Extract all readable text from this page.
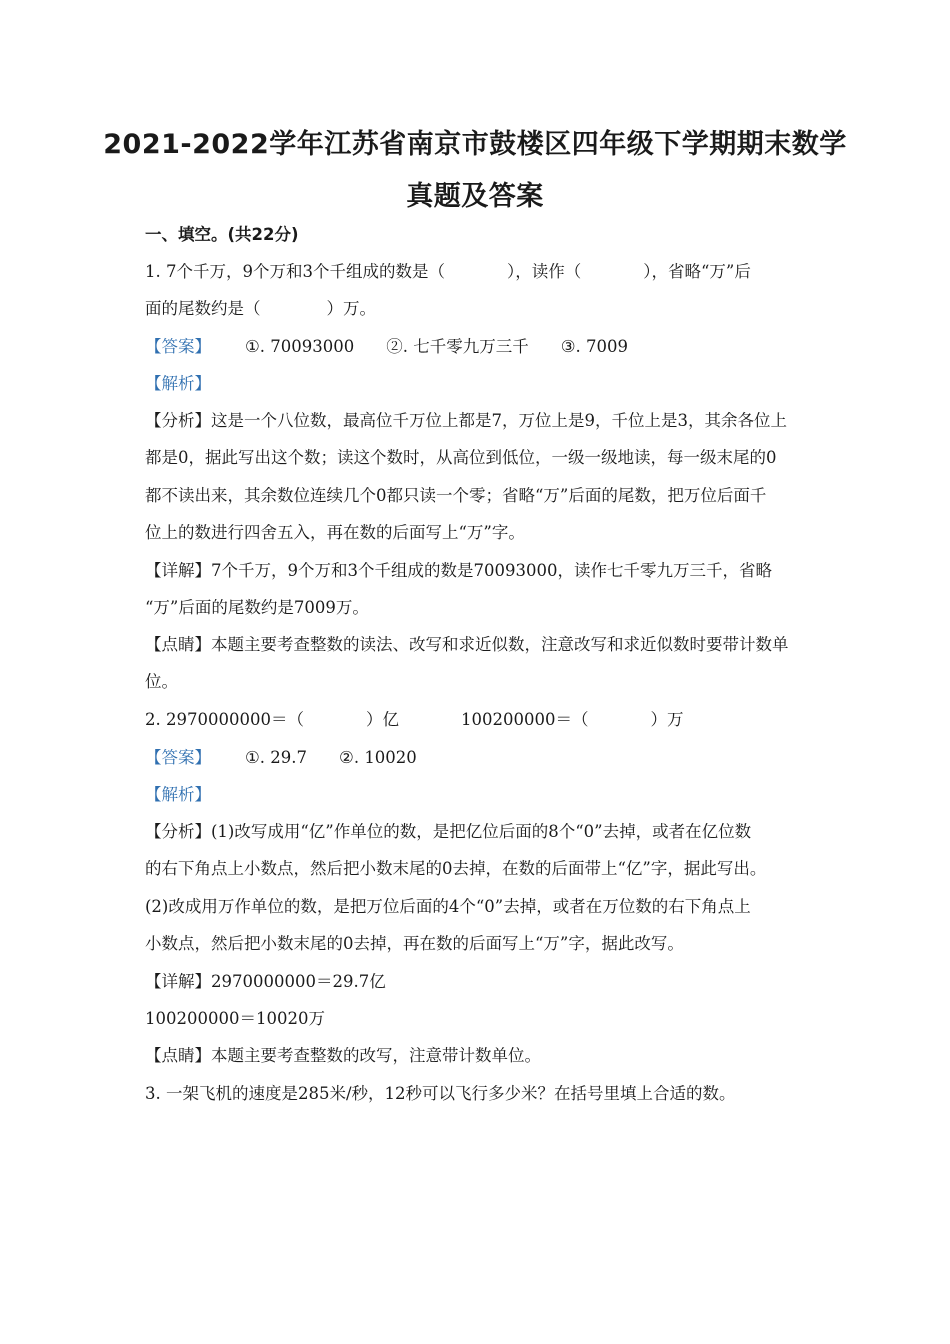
2021-2022学年江苏省南京市鼓楼区四年级下学期期末数学
真题及答案
一、填空。(共22分)
1. 7个千万，9个万和3个千组成的数是（	），读作（	），省略“万”后
面的尾数约是（　　　　）万。
【答案】 ①. 70093000 ②. 七千零九万三千 ③. 7009
【解析】
【分析】这是一个八位数，最高位千万位上都是7，万位上是9，千位上是3，其余各位上
都是0，据此写出这个数；读这个数时，从高位到低位，一级一级地读，每一级末尾的0
都不读出来，其余数位连续几个0都只读一个零；省略“万”后面的尾数，把万位后面千
位上的数进行四舍五入，再在数的后面写上“万”字。
【详解】7个千万，9个万和3个千组成的数是70093000，读作七千零九万三千，省略
“万”后面的尾数约是7009万。
【点睛】本题主要考查整数的读法、改写和求近似数，注意改写和求近似数时要带计数单
位。
2. 2970000000＝（	）亿	100200000＝（	）万
【答案】 ①. 29.7 ②. 10020
【解析】
【分析】(1)改写成用“亿”作单位的数，是把亿位后面的8个“0”去掉，或者在亿位数
的右下角点上小数点，然后把小数末尾的0去掉，在数的后面带上“亿”字，据此写出。
(2)改成用万作单位的数，是把万位后面的4个“0”去掉，或者在万位数的右下角点上
小数点，然后把小数末尾的0去掉，再在数的后面写上“万”字，据此改写。
【详解】2970000000＝29.7亿
100200000＝10020万
【点睛】本题主要考查整数的改写，注意带计数单位。
3. 一架飞机的速度是285米/秒，12秒可以飞行多少米？在括号里填上合适的数。
